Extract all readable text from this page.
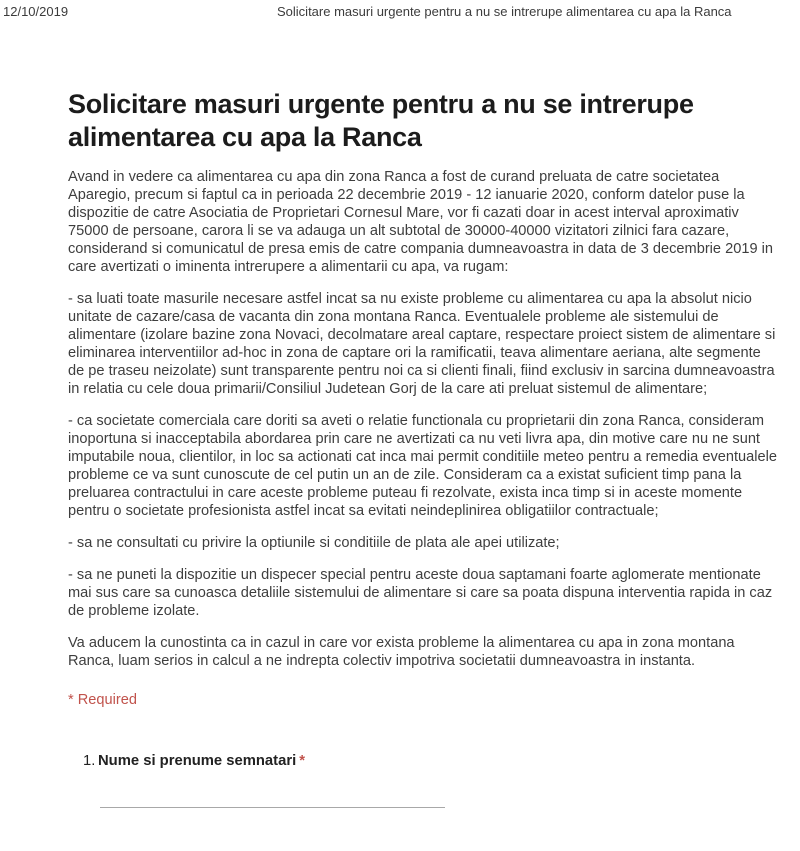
12/10/2019	Solicitare masuri urgente pentru a nu se intrerupe alimentarea cu apa la Ranca
Solicitare masuri urgente pentru a nu se intrerupe alimentarea cu apa la Ranca

Avand in vedere ca alimentarea cu apa din zona Ranca a fost de curand preluata de catre societatea Aparegio, precum si faptul ca in perioada 22 decembrie 2019 - 12 ianuarie 2020, conform datelor puse la dispozitie de catre Asociatia de Proprietari Cornesul Mare, vor fi cazati doar in acest interval aproximativ 75000 de persoane, carora li se va adauga un alt subtotal de 30000-40000 vizitatori zilnici fara cazare, considerand si comunicatul de presa emis de catre compania dumneavoastra in data de 3 decembrie 2019 in care avertizati o iminenta intrerupere a alimentarii cu apa, va rugam:

- sa luati toate masurile necesare astfel incat sa nu existe probleme cu alimentarea cu apa la absolut nicio unitate de cazare/casa de vacanta din zona montana Ranca. Eventualele probleme ale sistemului de alimentare (izolare bazine zona Novaci, decolmatare areal captare, respectare proiect sistem de alimentare si eliminarea interventiilor ad-hoc in zona de captare ori la ramificatii, teava alimentare aeriana, alte segmente de pe traseu neizolate) sunt transparente pentru noi ca si clienti finali, fiind exclusiv in sarcina dumneavoastra in relatia cu cele doua primarii/Consiliul Judetean Gorj de la care ati preluat sistemul de alimentare;

- ca societate comerciala care doriti sa aveti o relatie functionala cu proprietarii din zona Ranca, consideram inoportuna si inacceptabila abordarea prin care ne avertizati ca nu veti livra apa, din motive care nu ne sunt imputabile noua, clientilor, in loc sa actionati cat inca mai permit conditiile meteo pentru a remedia eventualele probleme ce va sunt cunoscute de cel putin un an de zile. Consideram ca a existat suficient timp pana la preluarea contractului in care aceste probleme puteau fi rezolvate, exista inca timp si in aceste momente pentru o societate profesionista astfel incat sa evitati neindeplinirea obligatiilor contractuale;

- sa ne consultati cu privire la optiunile si conditiile de plata ale apei utilizate;

- sa ne puneti la dispozitie un dispecer special pentru aceste doua saptamani foarte aglomerate mentionate mai sus care sa cunoasca detaliile sistemului de alimentare si care sa poata dispuna interventia rapida in caz de probleme izolate.

Va aducem la cunostinta ca in cazul in care vor exista probleme la alimentarea cu apa in zona montana Ranca, luam serios in calcul a ne indrepta colectiv impotriva societatii dumneavoastra in instanta.

* Required

1. Nume si prenume semnatari *
